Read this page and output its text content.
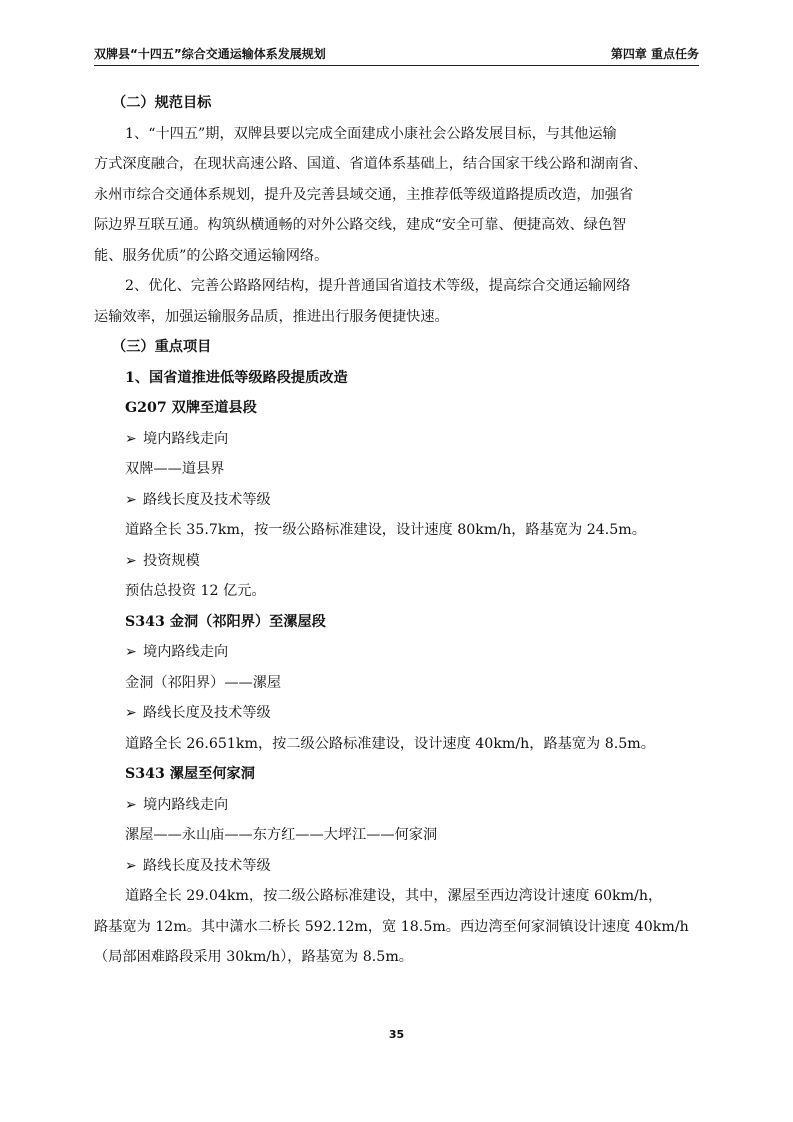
双牌县“十四五”综合交通运输体系发展规划	第四章 重点任务

（二）规范目标

1、“十四五”期，双牌县要以完成全面建成小康社会公路发展目标，与其他运输

方式深度融合，在现状高速公路、国道、省道体系基础上，结合国家干线公路和湖南省、

永州市综合交通体系规划，提升及完善县域交通，主推荐低等级道路提质改造，加强省

际边界互联互通。构筑纵横通畅的对外公路交线，建成“安全可靠、便捷高效、绿色智

能、服务优质”的公路交通运输网络。

2、优化、完善公路路网结构，提升普通国省道技术等级，提高综合交通运输网络

运输效率，加强运输服务品质，推进出行服务便捷快速。

（三）重点项目

1、国省道推进低等级路段提质改造

G207 双牌至道县段

➢ 境内路线走向

双牌——道县界

➢ 路线长度及技术等级

道路全长 35.7km，按一级公路标准建设，设计速度 80km/h，路基宽为 24.5m。

➢ 投资规模

预估总投资 12 亿元。

S343 金洞（祁阳界）至漯屋段

➢ 境内路线走向

金洞（祁阳界）——漯屋

➢ 路线长度及技术等级

道路全长 26.651km，按二级公路标准建设，设计速度 40km/h，路基宽为 8.5m。

S343 漯屋至何家洞

➢ 境内路线走向

漯屋——永山庙——东方红——大坪江——何家洞

➢ 路线长度及技术等级

道路全长 29.04km，按二级公路标准建设，其中，漯屋至西边湾设计速度 60km/h，

路基宽为 12m。其中潇水二桥长 592.12m，宽 18.5m。西边湾至何家洞镇设计速度 40km/h

（局部困难路段采用 30km/h），路基宽为 8.5m。

35
